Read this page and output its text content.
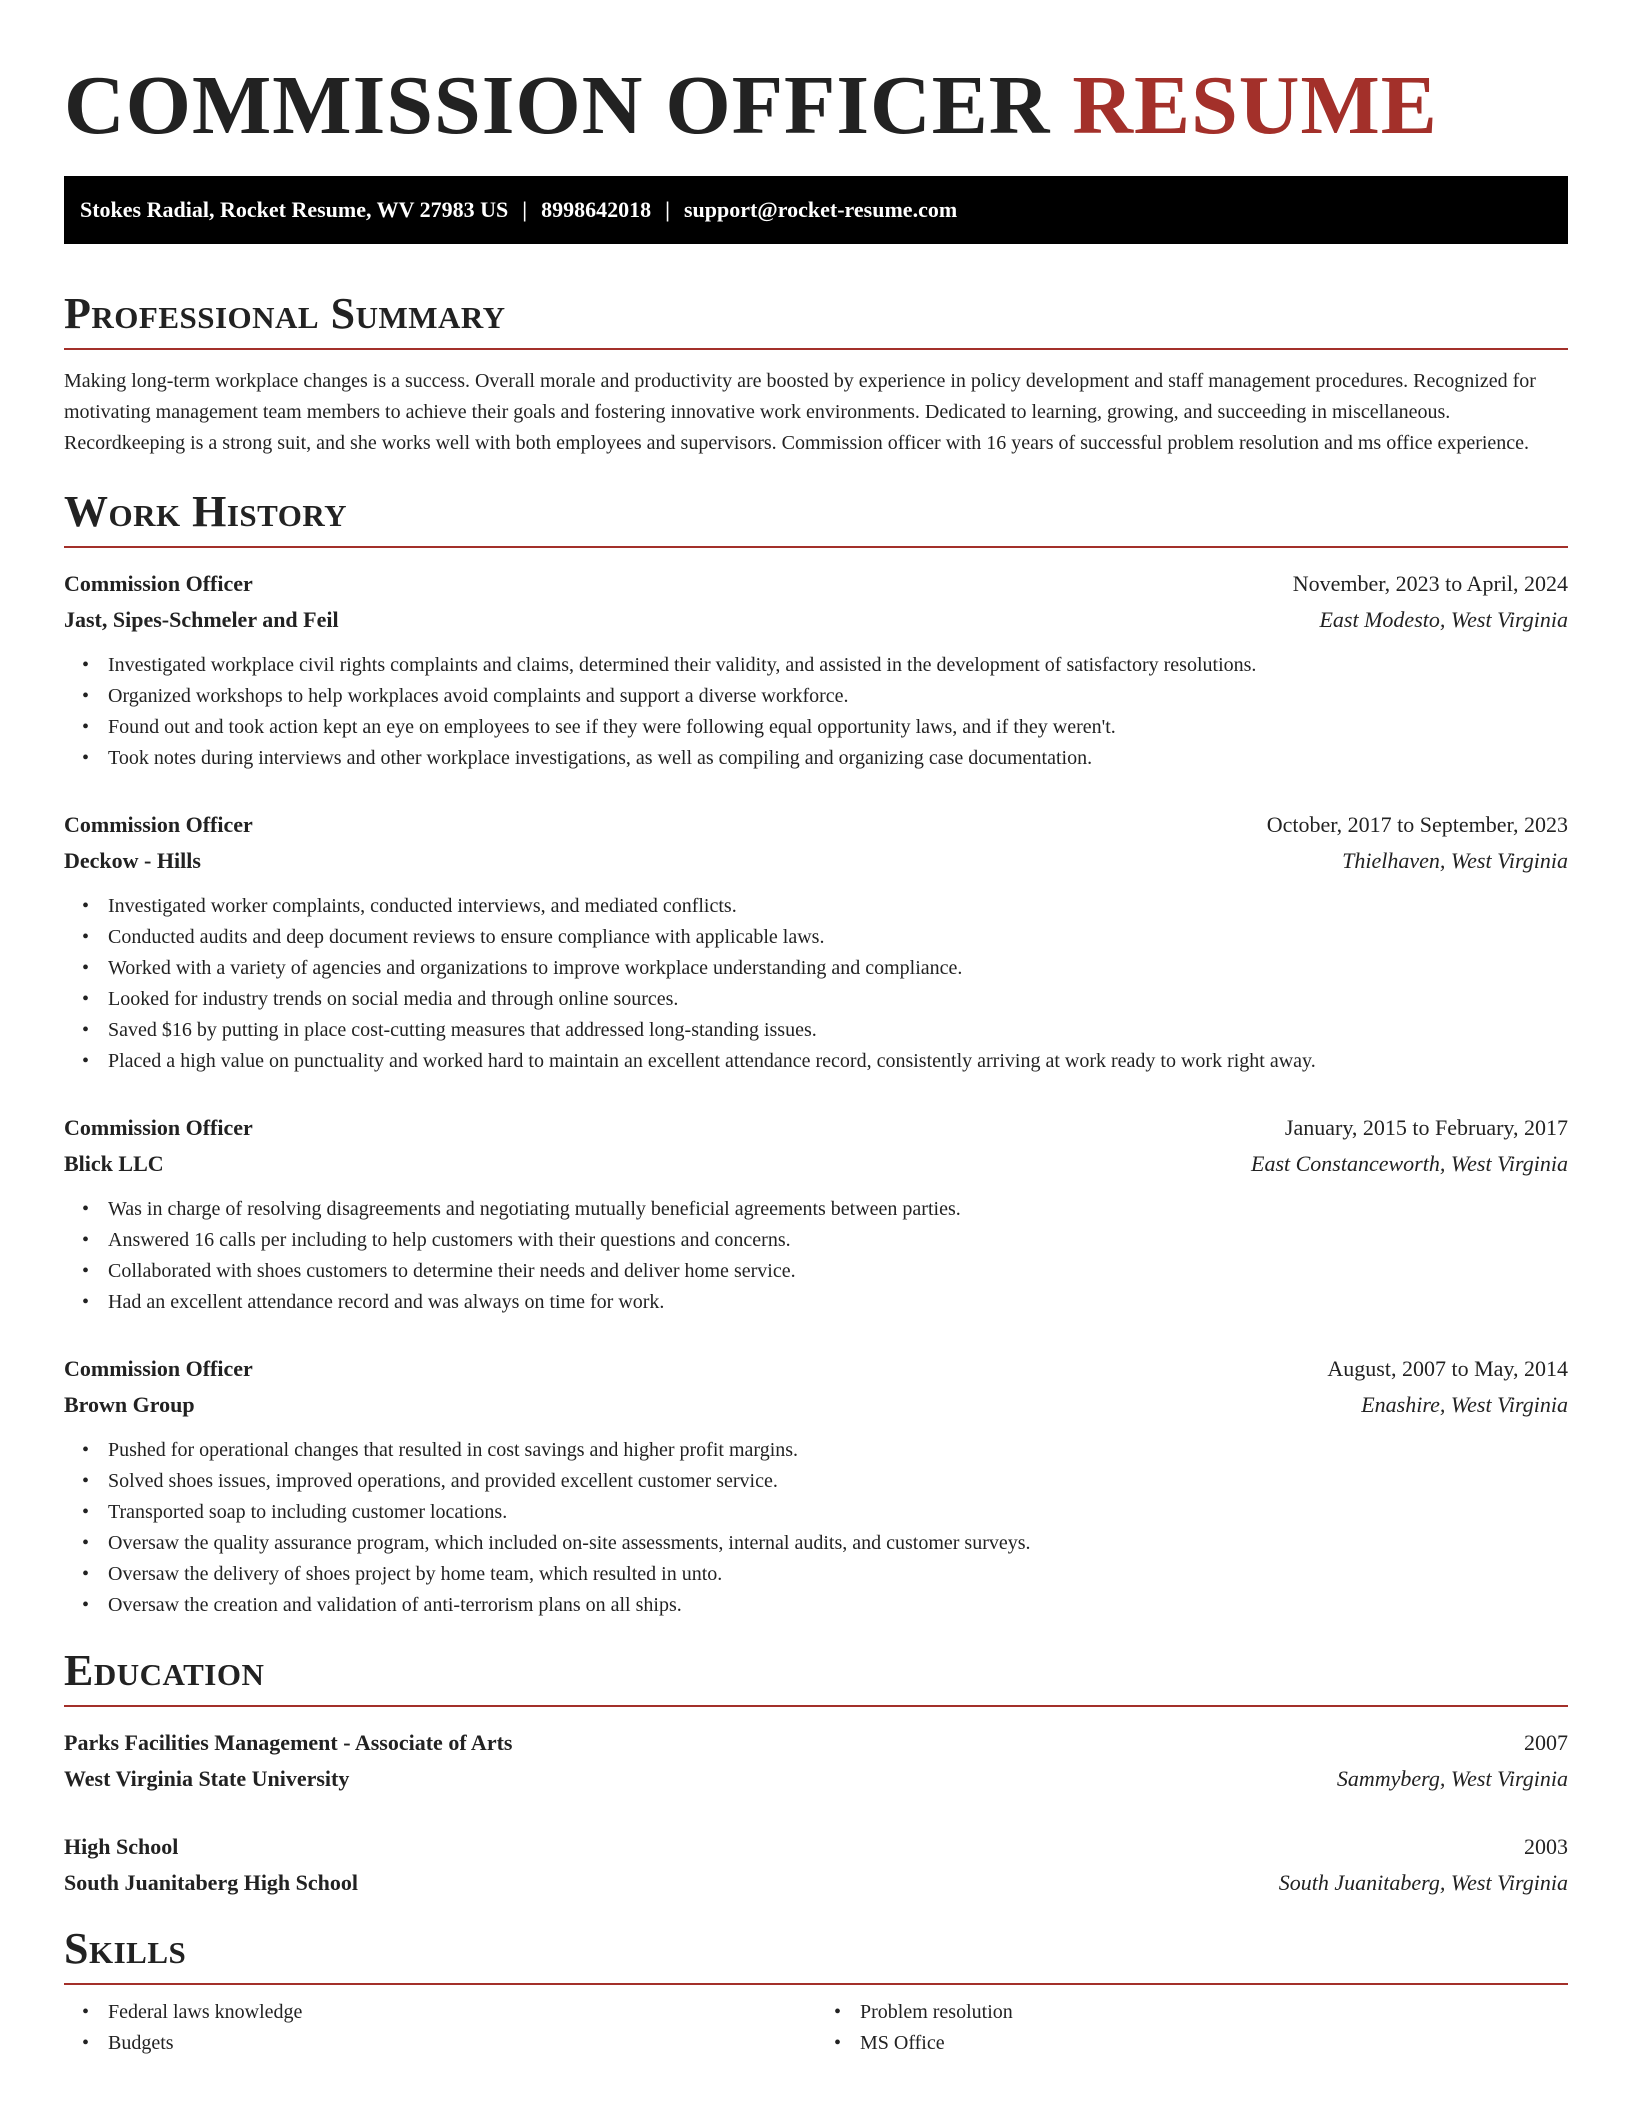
COMMISSION OFFICER RESUME
Stokes Radial, Rocket Resume, WV 27983 US | 8998642018 | support@rocket-resume.com
Professional Summary

Making long-term workplace changes is a success. Overall morale and productivity are boosted by experience in policy development and staff management procedures. Recognized for motivating management team members to achieve their goals and fostering innovative work environments. Dedicated to learning, growing, and succeeding in miscellaneous. Recordkeeping is a strong suit, and she works well with both employees and supervisors. Commission officer with 16 years of successful problem resolution and ms office experience.

Work History
Commission Officer	November, 2023 to April, 2024
Jast, Sipes-Schmeler and Feil	East Modesto, West Virginia
• Investigated workplace civil rights complaints and claims, determined their validity, and assisted in the development of satisfactory resolutions.
• Organized workshops to help workplaces avoid complaints and support a diverse workforce.
• Found out and took action kept an eye on employees to see if they were following equal opportunity laws, and if they weren't.
• Took notes during interviews and other workplace investigations, as well as compiling and organizing case documentation.
Commission Officer	October, 2017 to September, 2023
Deckow - Hills	Thielhaven, West Virginia
• Investigated worker complaints, conducted interviews, and mediated conflicts.
• Conducted audits and deep document reviews to ensure compliance with applicable laws.
• Worked with a variety of agencies and organizations to improve workplace understanding and compliance.
• Looked for industry trends on social media and through online sources.
• Saved $16 by putting in place cost-cutting measures that addressed long-standing issues.
• Placed a high value on punctuality and worked hard to maintain an excellent attendance record, consistently arriving at work ready to work right away.
Commission Officer	January, 2015 to February, 2017
Blick LLC	East Constanceworth, West Virginia
• Was in charge of resolving disagreements and negotiating mutually beneficial agreements between parties.
• Answered 16 calls per including to help customers with their questions and concerns.
• Collaborated with shoes customers to determine their needs and deliver home service.
• Had an excellent attendance record and was always on time for work.
Commission Officer	August, 2007 to May, 2014
Brown Group	Enashire, West Virginia
• Pushed for operational changes that resulted in cost savings and higher profit margins.
• Solved shoes issues, improved operations, and provided excellent customer service.
• Transported soap to including customer locations.
• Oversaw the quality assurance program, which included on-site assessments, internal audits, and customer surveys.
• Oversaw the delivery of shoes project by home team, which resulted in unto.
• Oversaw the creation and validation of anti-terrorism plans on all ships.
Education
Parks Facilities Management - Associate of Arts	2007
West Virginia State University	Sammyberg, West Virginia
High School	2003
South Juanitaberg High School	South Juanitaberg, West Virginia
Skills
• Federal laws knowledge
• Budgets
• Problem resolution
• MS Office
